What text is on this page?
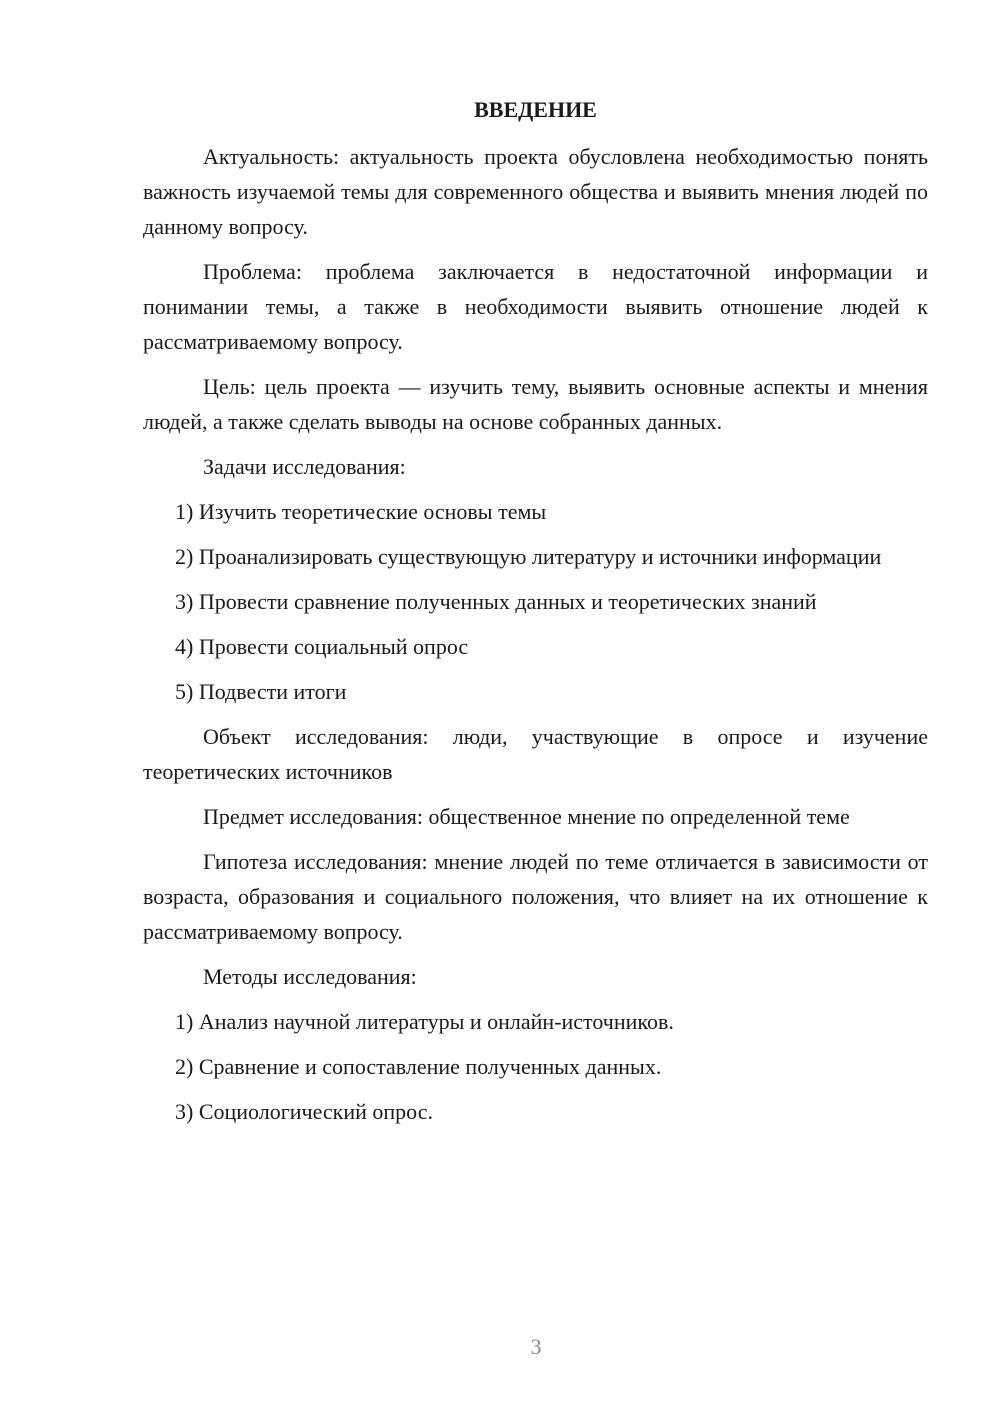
ВВЕДЕНИЕ

Актуальность: актуальность проекта обусловлена необходимостью понять важность изучаемой темы для современного общества и выявить мнения людей по данному вопросу.

Проблема: проблема заключается в недостаточной информации и понимании темы, а также в необходимости выявить отношение людей к рассматриваемому вопросу.

Цель: цель проекта — изучить тему, выявить основные аспекты и мнения людей, а также сделать выводы на основе собранных данных.

Задачи исследования:

1) Изучить теоретические основы темы

2) Проанализировать существующую литературу и источники информации

3) Провести сравнение полученных данных и теоретических знаний

4) Провести социальный опрос

5) Подвести итоги

Объект исследования: люди, участвующие в опросе и изучение теоретических источников

Предмет исследования: общественное мнение по определенной теме

Гипотеза исследования: мнение людей по теме отличается в зависимости от возраста, образования и социального положения, что влияет на их отношение к рассматриваемому вопросу.

Методы исследования:

1) Анализ научной литературы и онлайн-источников.

2) Сравнение и сопоставление полученных данных.

3) Социологический опрос.

3
